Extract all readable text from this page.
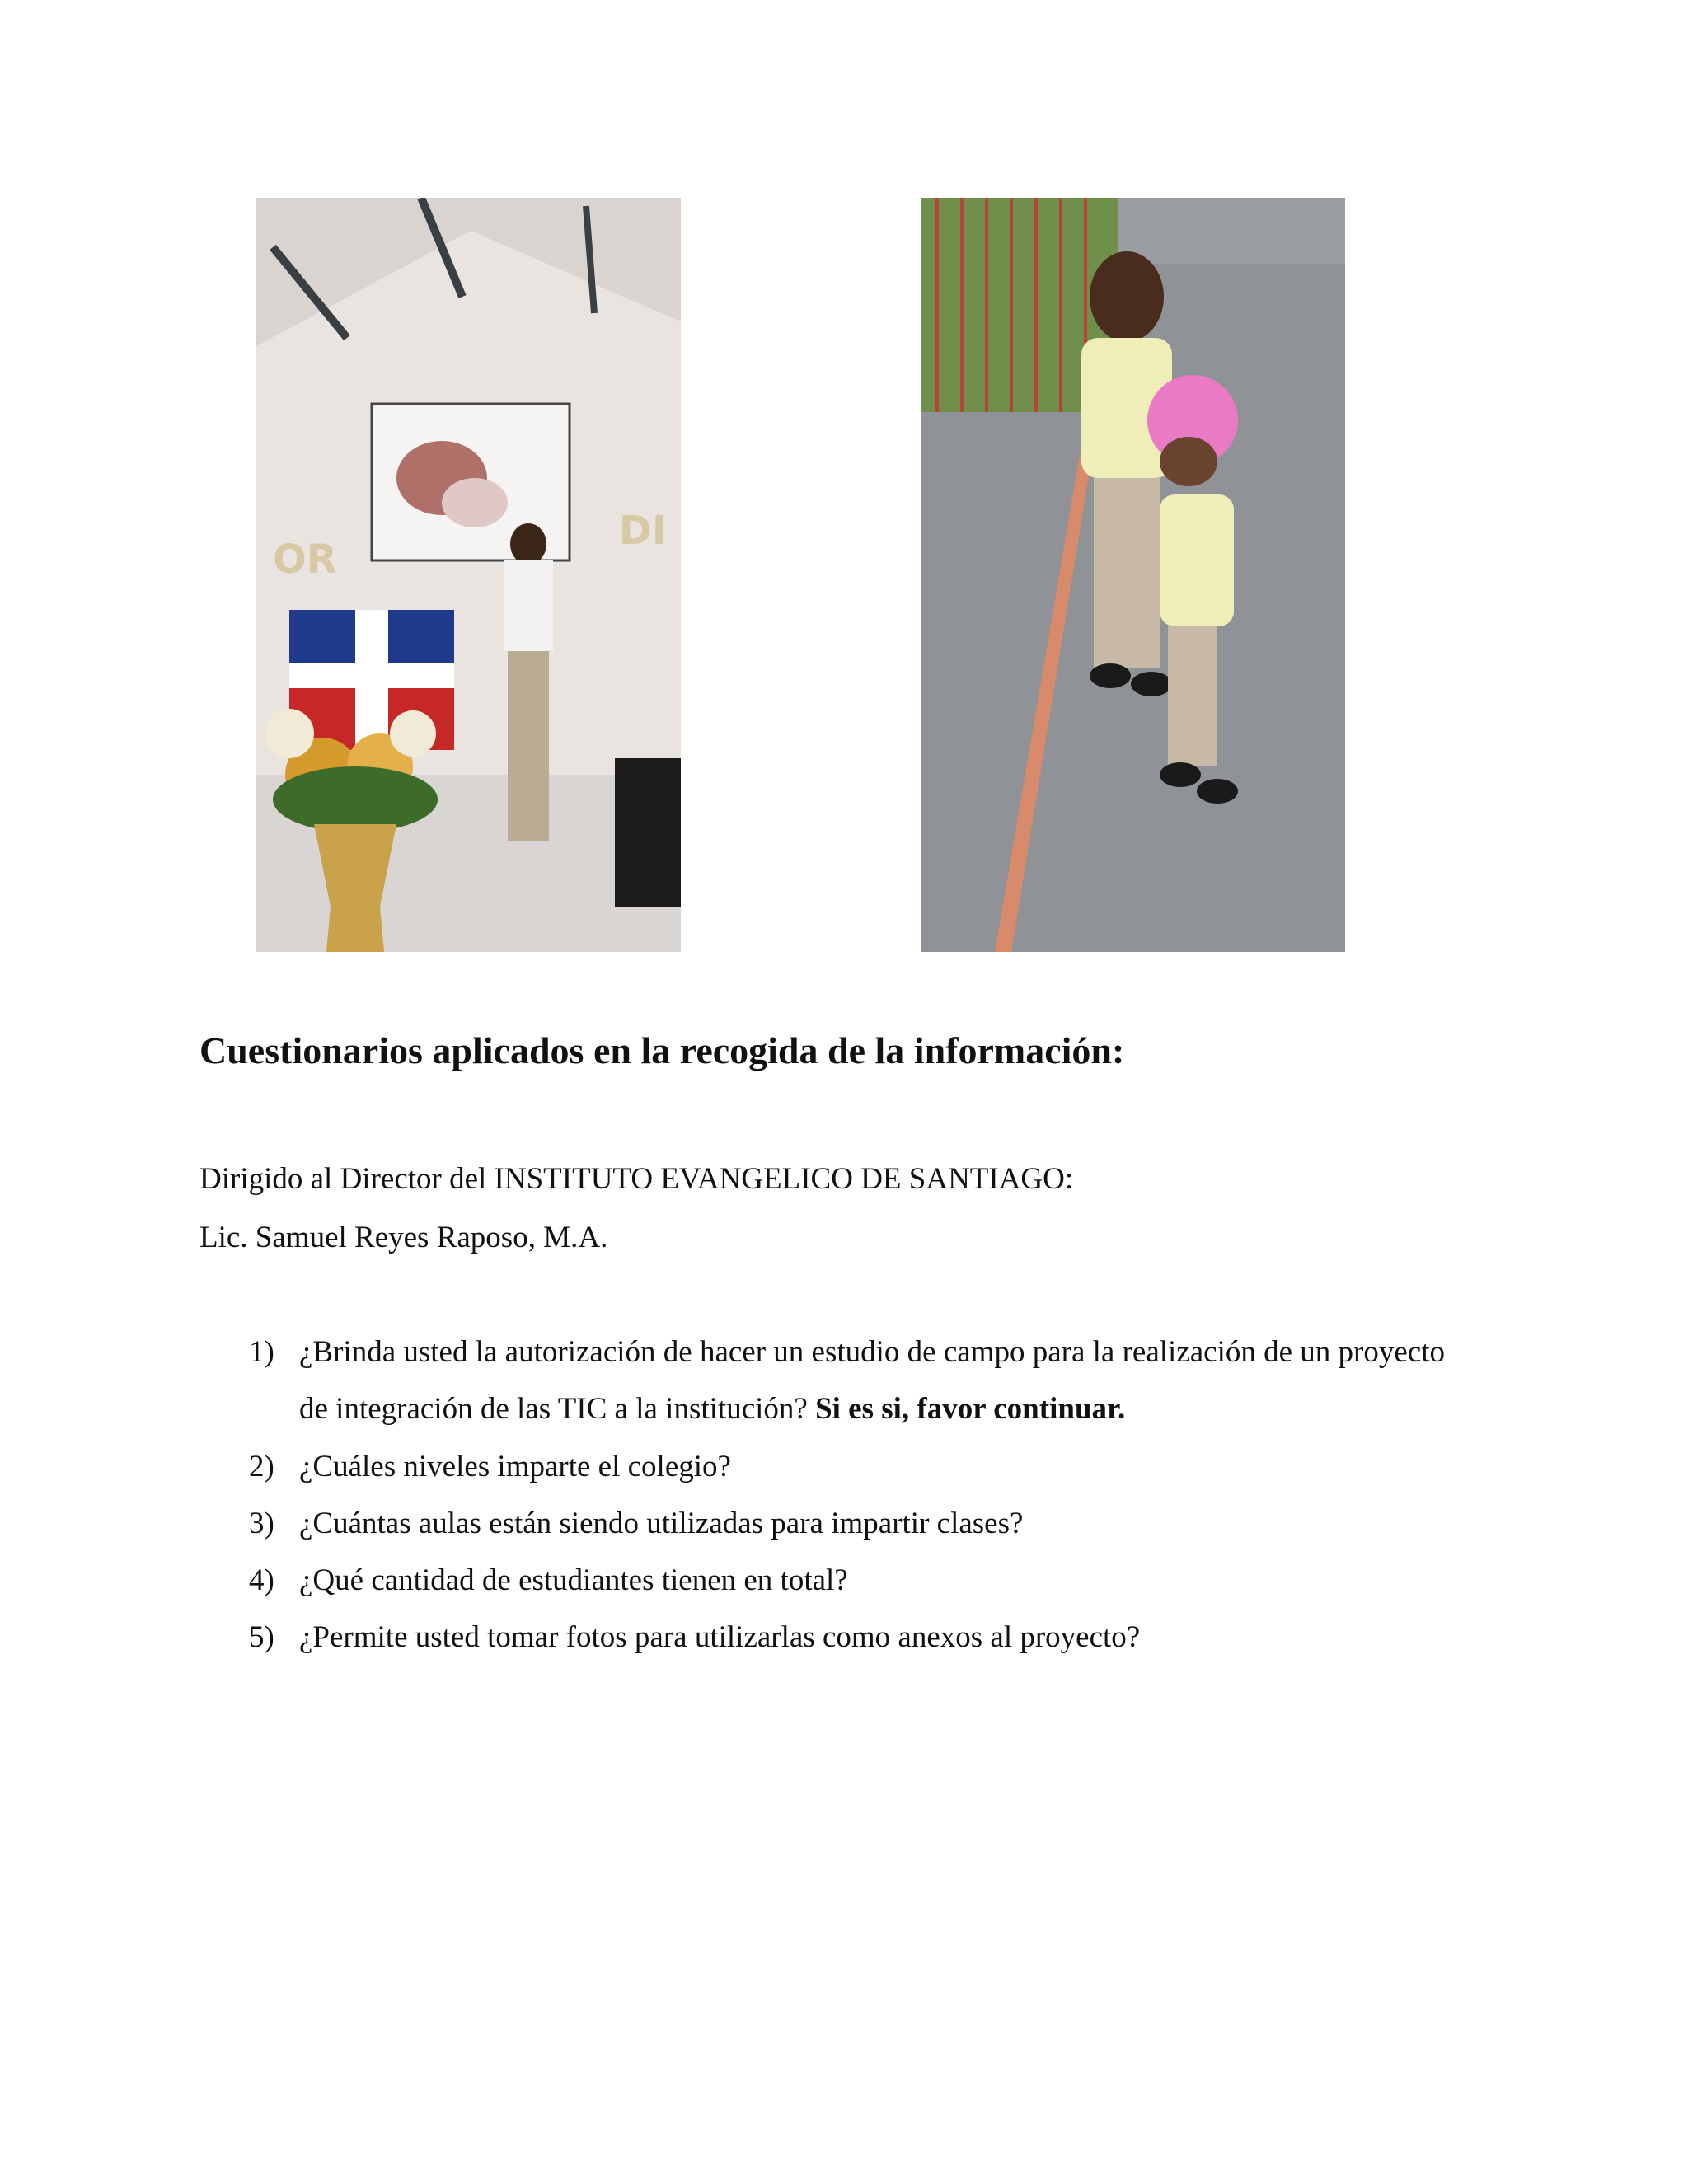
OR
DI
Cuestionarios aplicados en la recogida de la información:

Dirigido al Director del INSTITUTO EVANGELICO DE SANTIAGO:

Lic. Samuel Reyes Raposo, M.A.

1) ¿Brinda usted la autorización de hacer un estudio de campo para la realización de un proyecto de integración de las TIC a la institución? Si es si, favor continuar.
2) ¿Cuáles niveles imparte el colegio?
3) ¿Cuántas aulas están siendo utilizadas para impartir clases?
4) ¿Qué cantidad de estudiantes tienen en total?
5) ¿Permite usted tomar fotos para utilizarlas como anexos al proyecto?
